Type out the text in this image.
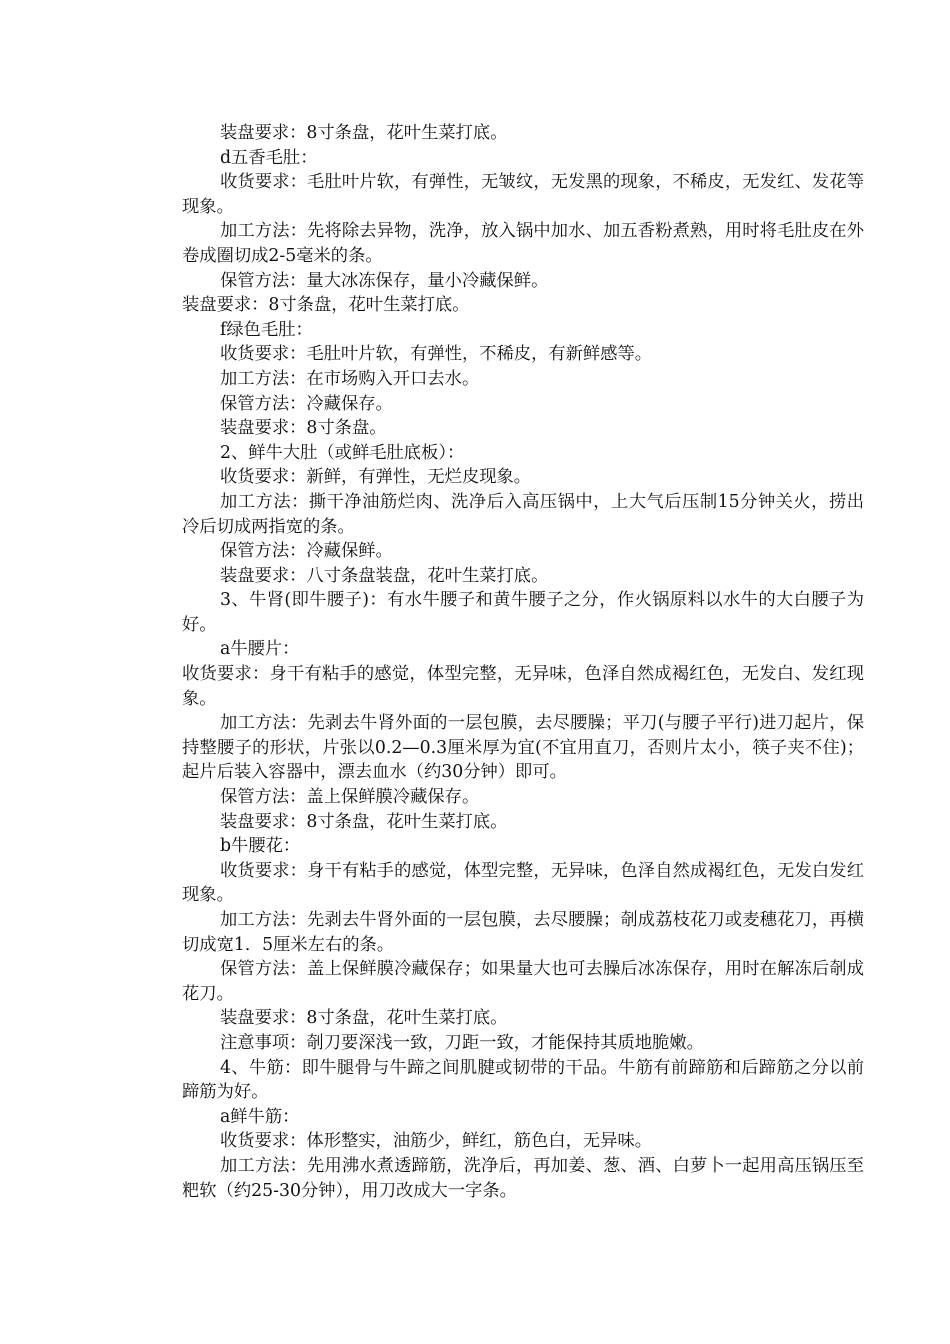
装盘要求：8寸条盘，花叶生菜打底。

d五香毛肚：

收货要求：毛肚叶片软，有弹性，无皱纹，无发黑的现象，不稀皮，无发红、发花等现象。

加工方法：先将除去异物，洗净，放入锅中加水、加五香粉煮熟，用时将毛肚皮在外卷成圈切成2-5毫米的条。

保管方法：量大冰冻保存，量小冷藏保鲜。

装盘要求：8寸条盘，花叶生菜打底。

f绿色毛肚：

收货要求：毛肚叶片软，有弹性，不稀皮，有新鲜感等。

加工方法：在市场购入开口去水。

保管方法：冷藏保存。

装盘要求：8寸条盘。

2、鲜牛大肚（或鲜毛肚底板）：

收货要求：新鲜，有弹性，无烂皮现象。

加工方法：撕干净油筋烂肉、洗净后入高压锅中，上大气后压制15分钟关火，捞出冷后切成两指宽的条。

保管方法：冷藏保鲜。

装盘要求：八寸条盘装盘，花叶生菜打底。

3、牛肾(即牛腰子)：有水牛腰子和黄牛腰子之分，作火锅原料以水牛的大白腰子为好。

a牛腰片：

收货要求：身干有粘手的感觉，体型完整，无异味，色泽自然成褐红色，无发白、发红现象。

加工方法：先剥去牛肾外面的一层包膜，去尽腰臊；平刀(与腰子平行)进刀起片，保持整腰子的形状，片张以0.2—0.3厘米厚为宜(不宜用直刀，否则片太小，筷子夹不住)；起片后装入容器中，漂去血水（约30分钟）即可。

保管方法：盖上保鲜膜冷藏保存。

装盘要求：8寸条盘，花叶生菜打底。

b牛腰花：

收货要求：身干有粘手的感觉，体型完整，无异味，色泽自然成褐红色，无发白发红现象。

加工方法：先剥去牛肾外面的一层包膜，去尽腰臊；剞成荔枝花刀或麦穗花刀，再横切成宽1．5厘米左右的条。

保管方法：盖上保鲜膜冷藏保存；如果量大也可去臊后冰冻保存，用时在解冻后剞成花刀。

装盘要求：8寸条盘，花叶生菜打底。

注意事项：剞刀要深浅一致，刀距一致，才能保持其质地脆嫩。

4、牛筋：即牛腿骨与牛蹄之间肌腱或韧带的干品。牛筋有前蹄筋和后蹄筋之分以前蹄筋为好。

a鲜牛筋：

收货要求：体形整实，油筋少，鲜红，筋色白，无异味。

加工方法：先用沸水煮透蹄筋，洗净后，再加姜、葱、酒、白萝卜一起用高压锅压至粑软（约25-30分钟），用刀改成大一字条。
